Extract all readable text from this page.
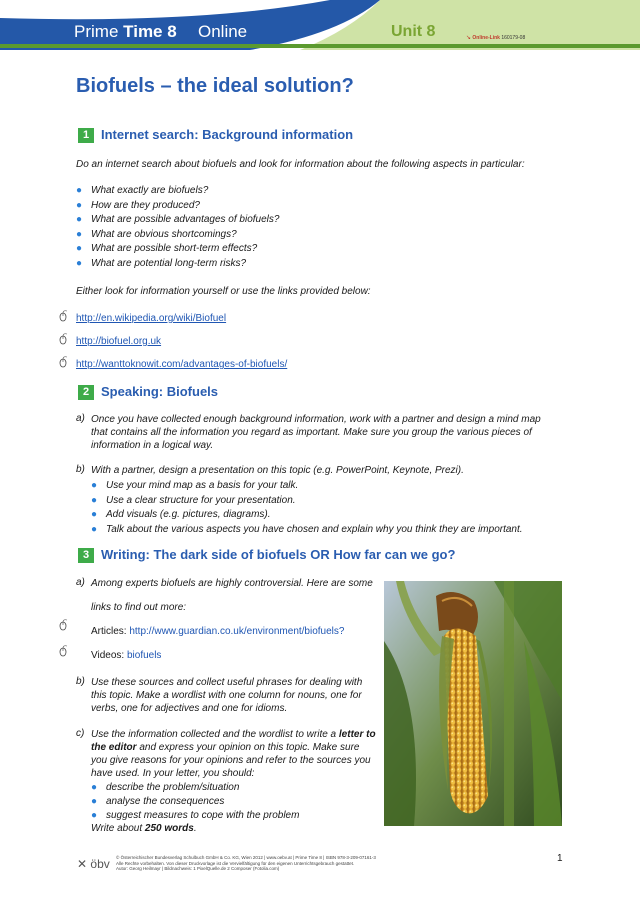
Prime Time 8 Online	Unit 8	↘ Online-Link 160179-08
Biofuels – the ideal solution?
1 Internet search: Background information
Do an internet search about biofuels and look for information about the following aspects in particular:
● What exactly are biofuels?
● How are they produced?
● What are possible advantages of biofuels?
● What are obvious shortcomings?
● What are possible short-term effects?
● What are potential long-term risks?
Either look for information yourself or use the links provided below:
http://en.wikipedia.org/wiki/Biofuel
http://biofuel.org.uk
http://wanttoknowit.com/advantages-of-biofuels/
2 Speaking: Biofuels
a) Once you have collected enough background information, work with a partner and design a mind map that contains all the information you regard as important. Make sure you group the various pieces of information in a logical way.
b) With a partner, design a presentation on this topic (e.g. PowerPoint, Keynote, Prezi).
● Use your mind map as a basis for your talk.
● Use a clear structure for your presentation.
● Add visuals (e.g. pictures, diagrams).
● Talk about the various aspects you have chosen and explain why you think they are important.
3 Writing: The dark side of biofuels OR How far can we go?
a) Among experts biofuels are highly controversial. Here are some
links to find out more:
Articles: http://www.guardian.co.uk/environment/biofuels?
Videos: biofuels
b) Use these sources and collect useful phrases for dealing with this topic. Make a wordlist with one column for nouns, one for verbs, one for adjectives and one for idioms.
c) Use the information collected and the wordlist to write a letter to the editor and express your opinion on this topic. Make sure you give reasons for your opinions and refer to the sources you have used. In your letter, you should:
● describe the problem/situation
● analyse the consequences
● suggest measures to cope with the problem
Write about 250 words.
✕ öbv © Österreichischer Bundesverlag Schulbuch GmbH & Co. KG, Wien 2012 | www.oebv.at | Prime Time 8 | ISBN 978-3-209-07161-3
Alle Rechte vorbehalten. Von dieser Druckvorlage ist die Vervielfältigung für den eigenen Unterrichtsgebrauch gestattet.
Autor: Georg Heilmayr | Bildnachweis: 1 PixelQuelle.de 2 Composer (Fotolia.com)
1
